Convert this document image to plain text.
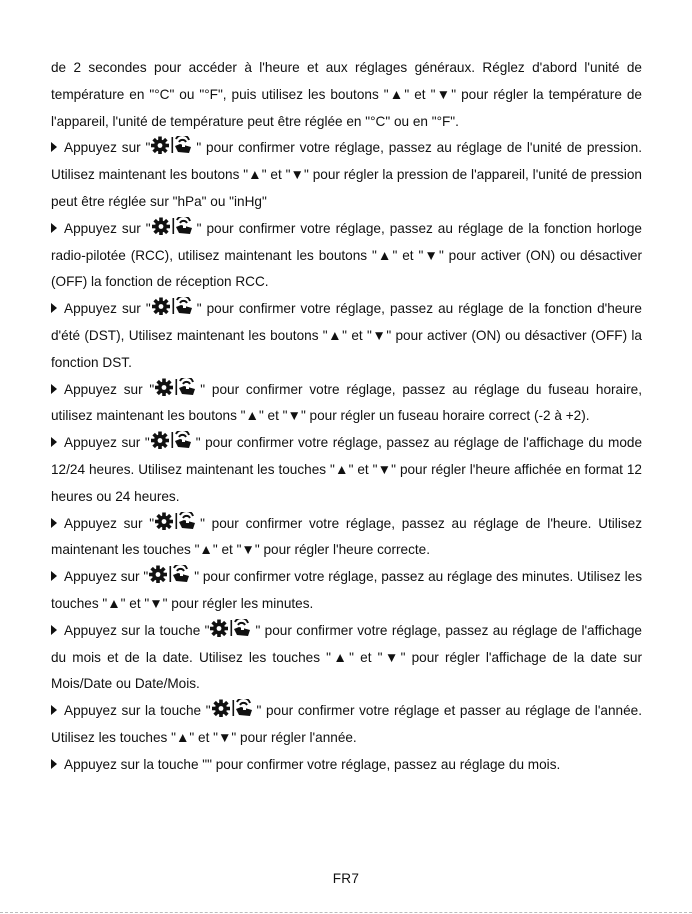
de 2 secondes pour accéder à l'heure et aux réglages généraux. Réglez d'abord l'unité de température en "°C" ou "°F", puis utilisez les boutons "▲" et "▼" pour régler la température de l'appareil, l'unité de température peut être réglée en "°C" ou en "°F".

Appuyez sur "	" pour confirmer votre réglage, passez au réglage de l'unité de pression. Utilisez maintenant les boutons "▲" et "▼" pour régler la pression de l'appareil, l'unité de pression peut être réglée sur "hPa" ou "inHg"

Appuyez sur "	" pour confirmer votre réglage, passez au réglage de la fonction horloge radio-pilotée (RCC), utilisez maintenant les boutons "▲" et "▼" pour activer (ON) ou désactiver (OFF) la fonction de réception RCC.

Appuyez sur "	" pour confirmer votre réglage, passez au réglage de la fonction d'heure d'été (DST), Utilisez maintenant les boutons "▲" et "▼" pour activer (ON) ou désactiver (OFF) la fonction DST.

Appuyez sur "	" pour confirmer votre réglage, passez au réglage du fuseau horaire, utilisez maintenant les boutons "▲" et "▼" pour régler un fuseau horaire correct (-2 à +2).

Appuyez sur "	" pour confirmer votre réglage, passez au réglage de l'affichage du mode 12/24 heures. Utilisez maintenant les touches "▲" et "▼" pour régler l'heure affichée en format 12 heures ou 24 heures.

Appuyez sur "	" pour confirmer votre réglage, passez au réglage de l'heure. Utilisez maintenant les touches "▲" et "▼" pour régler l'heure correcte.

Appuyez sur "	" pour confirmer votre réglage, passez au réglage des minutes. Utilisez les touches "▲" et "▼" pour régler les minutes.

Appuyez sur la touche "	" pour confirmer votre réglage, passez au réglage de l'affichage du mois et de la date. Utilisez les touches "▲" et "▼" pour régler l'affichage de la date sur Mois/Date ou Date/Mois.

Appuyez sur la touche "	" pour confirmer votre réglage et passer au réglage de l'année. Utilisez les touches "▲" et "▼" pour régler l'année.

Appuyez sur la touche "" pour confirmer votre réglage, passez au réglage du mois.

FR7
